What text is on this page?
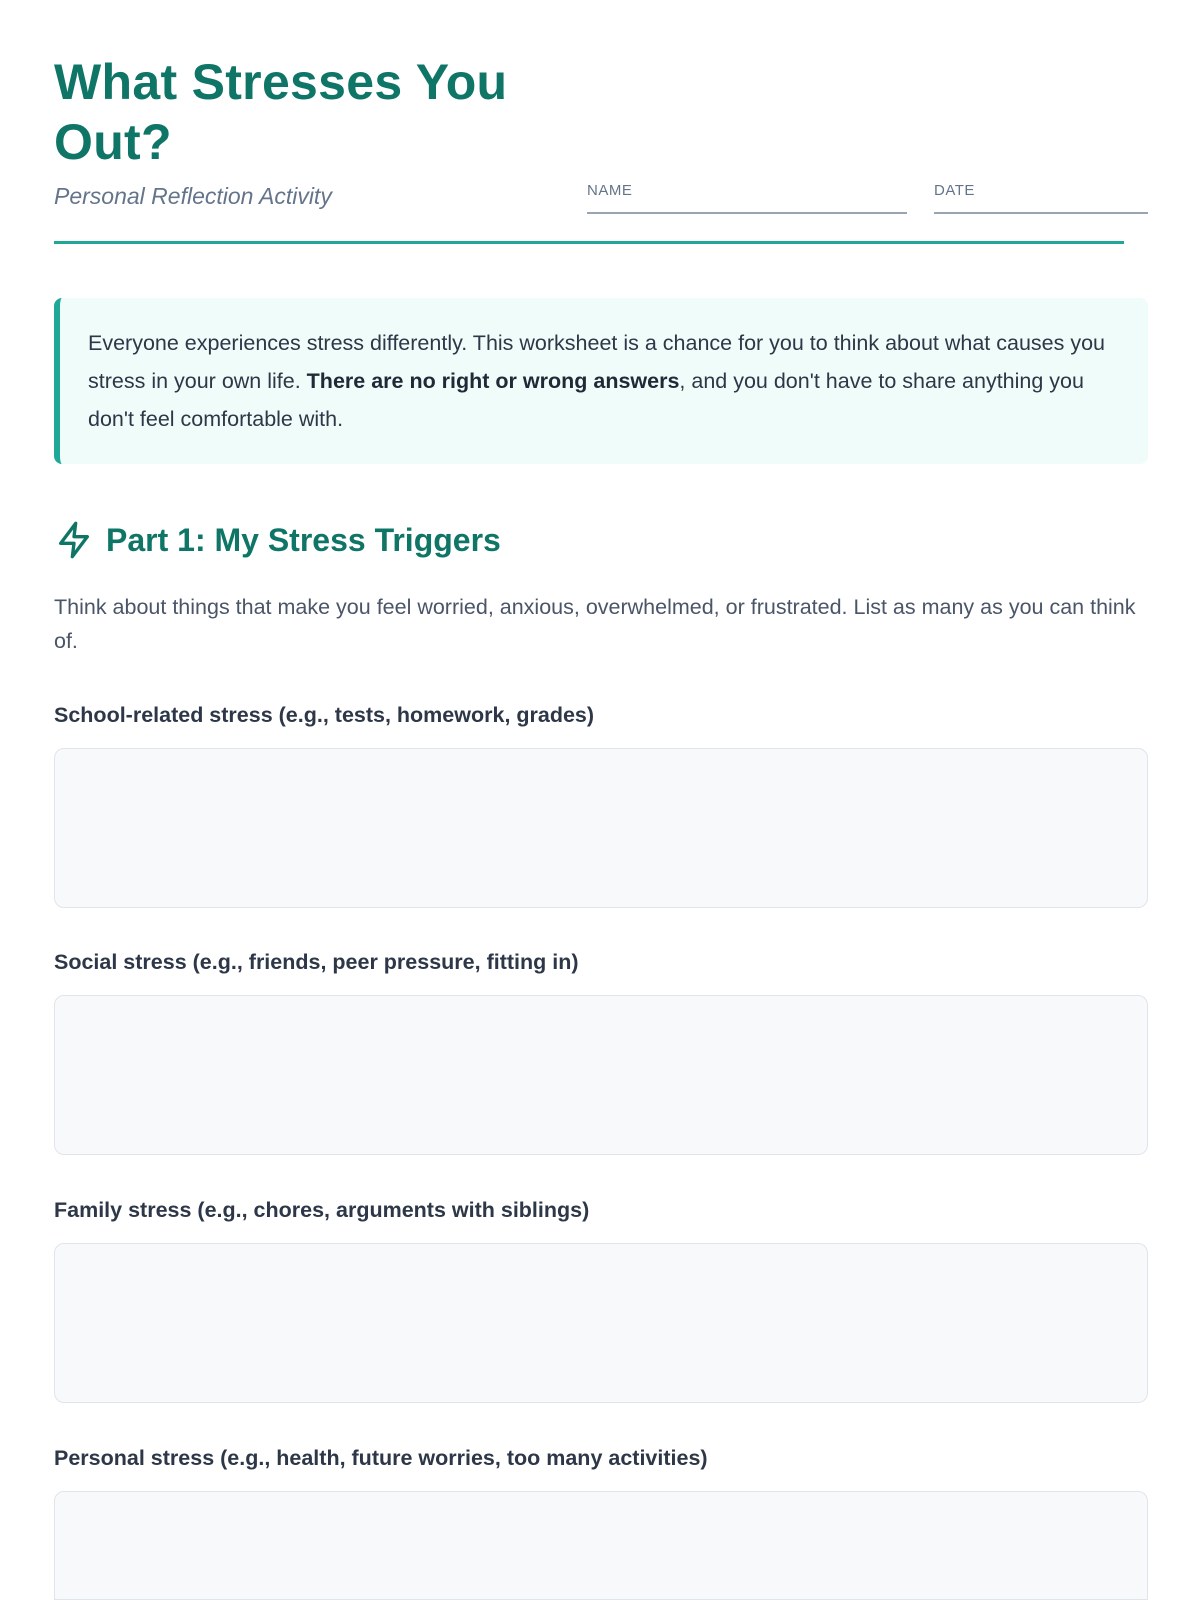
What Stresses You Out?
Personal Reflection Activity	NAME	DATE
Everyone experiences stress differently. This worksheet is a chance for you to think about what causes you stress in your own life. There are no right or wrong answers, and you don't have to share anything you don't feel comfortable with.
Part 1: My Stress Triggers

Think about things that make you feel worried, anxious, overwhelmed, or frustrated. List as many as you can think of.

School-related stress (e.g., tests, homework, grades)
Social stress (e.g., friends, peer pressure, fitting in)
Family stress (e.g., chores, arguments with siblings)
Personal stress (e.g., health, future worries, too many activities)
